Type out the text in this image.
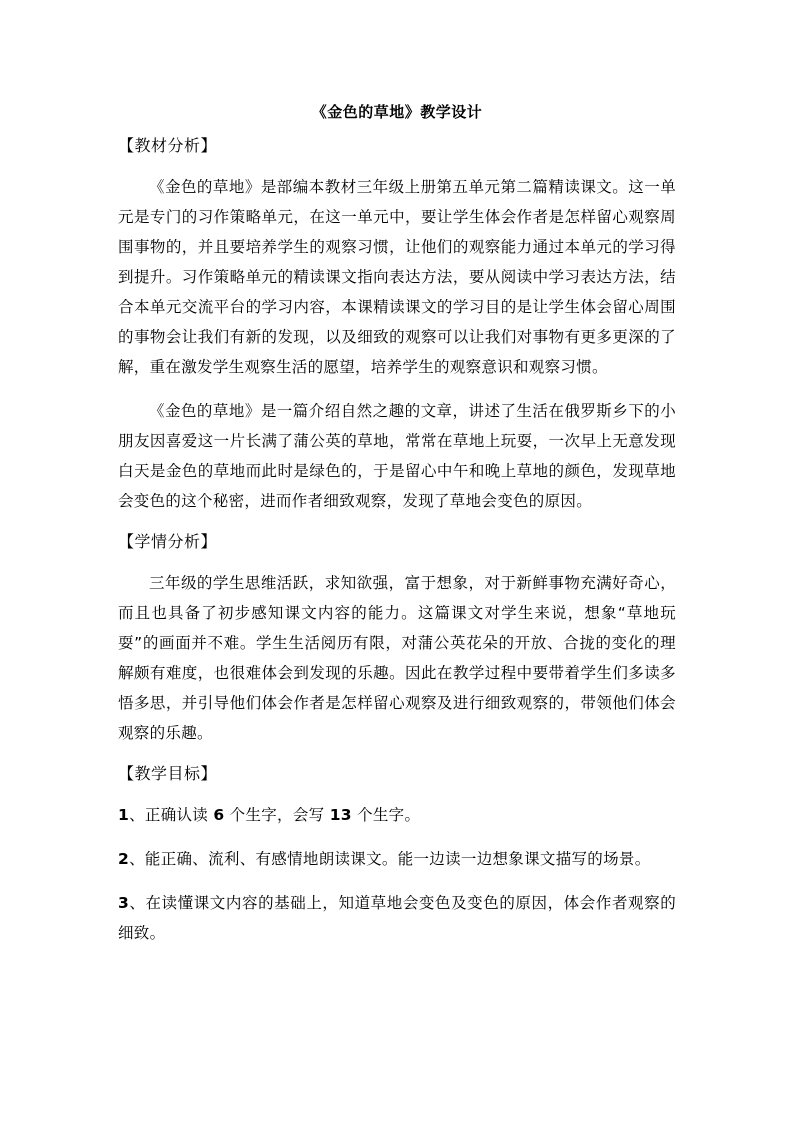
《金色的草地》教学设计
【教材分析】

《金色的草地》是部编本教材三年级上册第五单元第二篇精读课文。这一单元是专门的习作策略单元，在这一单元中，要让学生体会作者是怎样留心观察周围事物的，并且要培养学生的观察习惯，让他们的观察能力通过本单元的学习得到提升。习作策略单元的精读课文指向表达方法，要从阅读中学习表达方法，结合本单元交流平台的学习内容，本课精读课文的学习目的是让学生体会留心周围的事物会让我们有新的发现，以及细致的观察可以让我们对事物有更多更深的了解，重在激发学生观察生活的愿望，培养学生的观察意识和观察习惯。

《金色的草地》是一篇介绍自然之趣的文章，讲述了生活在俄罗斯乡下的小朋友因喜爱这一片长满了蒲公英的草地，常常在草地上玩耍，一次早上无意发现白天是金色的草地而此时是绿色的，于是留心中午和晚上草地的颜色，发现草地会变色的这个秘密，进而作者细致观察，发现了草地会变色的原因。

【学情分析】

三年级的学生思维活跃，求知欲强，富于想象，对于新鲜事物充满好奇心，而且也具备了初步感知课文内容的能力。这篇课文对学生来说，想象“草地玩耍”的画面并不难。学生生活阅历有限，对蒲公英花朵的开放、合拢的变化的理解颇有难度，也很难体会到发现的乐趣。因此在教学过程中要带着学生们多读多悟多思，并引导他们体会作者是怎样留心观察及进行细致观察的，带领他们体会观察的乐趣。

【教学目标】

1、正确认读 6 个生字，会写 13 个生字。

2、能正确、流利、有感情地朗读课文。能一边读一边想象课文描写的场景。

3、在读懂课文内容的基础上，知道草地会变色及变色的原因，体会作者观察的细致。
